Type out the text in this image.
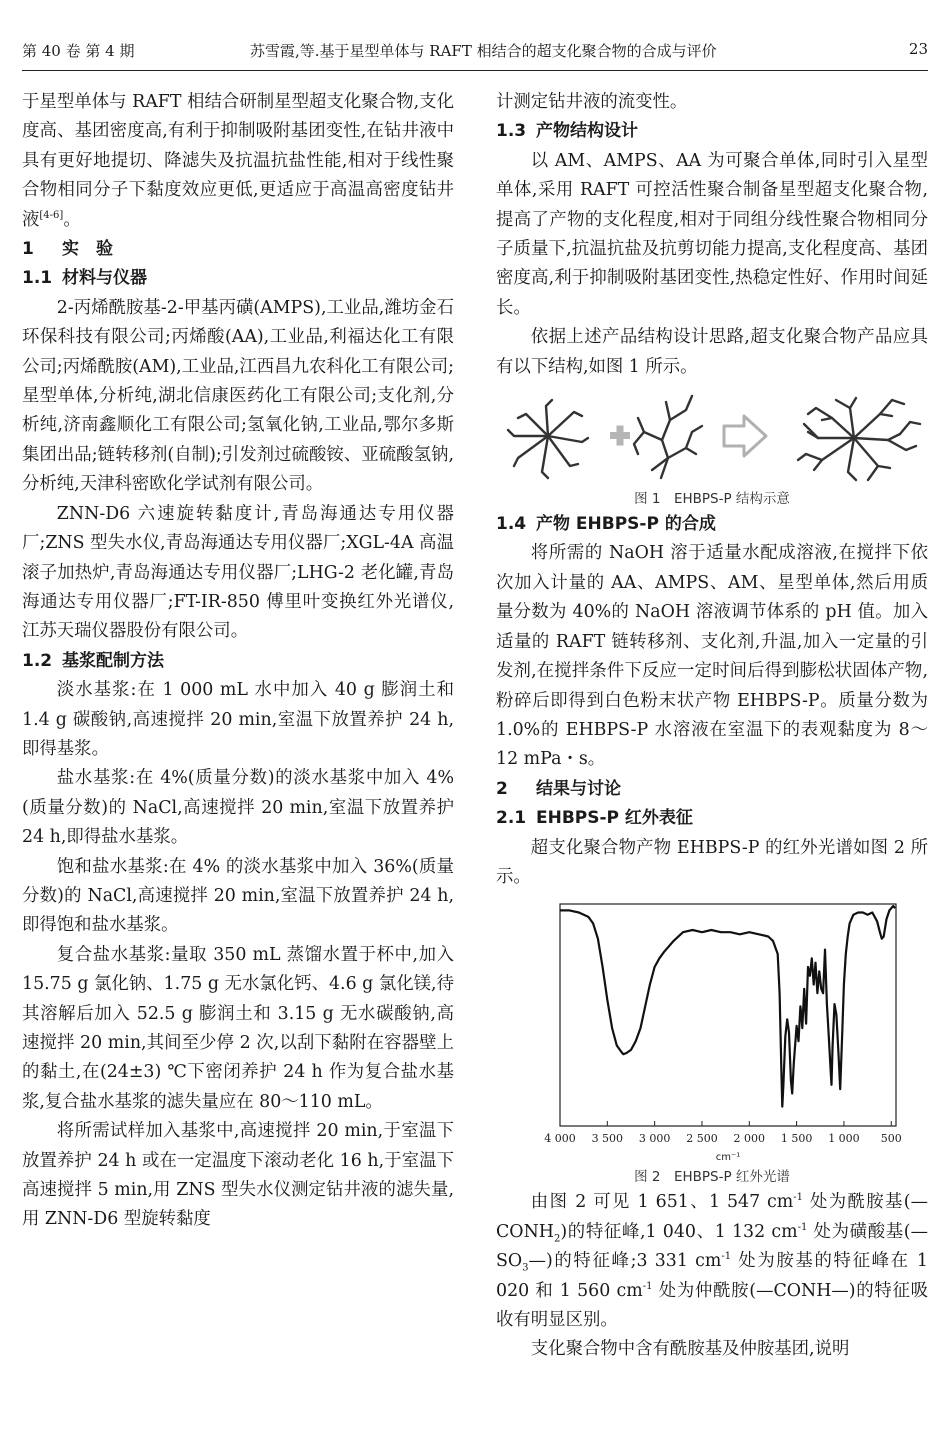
第 40 卷 第 4 期	苏雪霞,等.基于星型单体与 RAFT 相结合的超支化聚合物的合成与评价	23

于星型单体与 RAFT 相结合研制星型超支化聚合物,支化度高、基团密度高,有利于抑制吸附基团变性,在钻井液中具有更好地提切、降滤失及抗温抗盐性能,相对于线性聚合物相同分子下黏度效应更低,更适应于高温高密度钻井液[4-6]。

1 实　验
1.1 材料与仪器

2-丙烯酰胺基-2-甲基丙磺(AMPS),工业品,潍坊金石环保科技有限公司;丙烯酸(AA),工业品,利福达化工有限公司;丙烯酰胺(AM),工业品,江西昌九农科化工有限公司;星型单体,分析纯,湖北信康医药化工有限公司;支化剂,分析纯,济南鑫顺化工有限公司;氢氧化钠,工业品,鄂尔多斯集团出品;链转移剂(自制);引发剂过硫酸铵、亚硫酸氢钠,分析纯,天津科密欧化学试剂有限公司。

ZNN-D6 六速旋转黏度计,青岛海通达专用仪器厂;ZNS 型失水仪,青岛海通达专用仪器厂;XGL-4A 高温滚子加热炉,青岛海通达专用仪器厂;LHG-2 老化罐,青岛海通达专用仪器厂;FT-IR-850 傅里叶变换红外光谱仪,江苏天瑞仪器股份有限公司。

1.2 基浆配制方法

淡水基浆:在 1 000 mL 水中加入 40 g 膨润土和 1.4 g 碳酸钠,高速搅拌 20 min,室温下放置养护 24 h,即得基浆。

盐水基浆:在 4%(质量分数)的淡水基浆中加入 4%(质量分数)的 NaCl,高速搅拌 20 min,室温下放置养护 24 h,即得盐水基浆。

饱和盐水基浆:在 4% 的淡水基浆中加入 36%(质量分数)的 NaCl,高速搅拌 20 min,室温下放置养护 24 h,即得饱和盐水基浆。

复合盐水基浆:量取 350 mL 蒸馏水置于杯中,加入 15.75 g 氯化钠、1.75 g 无水氯化钙、4.6 g 氯化镁,待其溶解后加入 52.5 g 膨润土和 3.15 g 无水碳酸钠,高速搅拌 20 min,其间至少停 2 次,以刮下黏附在容器壁上的黏土,在(24±3) ℃下密闭养护 24 h 作为复合盐水基浆,复合盐水基浆的滤失量应在 80～110 mL。

将所需试样加入基浆中,高速搅拌 20 min,于室温下放置养护 24 h 或在一定温度下滚动老化 16 h,于室温下高速搅拌 5 min,用 ZNS 型失水仪测定钻井液的滤失量,用 ZNN-D6 型旋转黏度

计测定钻井液的流变性。

1.3 产物结构设计

以 AM、AMPS、AA 为可聚合单体,同时引入星型单体,采用 RAFT 可控活性聚合制备星型超支化聚合物,提高了产物的支化程度,相对于同组分线性聚合物相同分子质量下,抗温抗盐及抗剪切能力提高,支化程度高、基团密度高,利于抑制吸附基团变性,热稳定性好、作用时间延长。

依据上述产品结构设计思路,超支化聚合物产品应具有以下结构,如图 1 所示。

图 1　EHBPS-P 结构示意
1.4 产物 EHBPS-P 的合成

将所需的 NaOH 溶于适量水配成溶液,在搅拌下依次加入计量的 AA、AMPS、AM、星型单体,然后用质量分数为 40%的 NaOH 溶液调节体系的 pH 值。加入适量的 RAFT 链转移剂、支化剂,升温,加入一定量的引发剂,在搅拌条件下反应一定时间后得到膨松状固体产物,粉碎后即得到白色粉末状产物 EHBPS-P。质量分数为 1.0%的 EHBPS-P 水溶液在室温下的表观黏度为 8～12 mPa・s。

2 结果与讨论
2.1 EHBPS-P 红外表征

超支化聚合物产物 EHBPS-P 的红外光谱如图 2 所示。

4 000 3 500 3 000 2 500 2 000 1 500 1 000 500
cm⁻¹
图 2　EHBPS-P 红外光谱

由图 2 可见 1 651、1 547 $cm^{-1}$ 处为酰胺基$(—CONH_2)$的特征峰,1 040、1 132 $cm^{-1}$ 处为磺酸基$(—SO_3—)$的特征峰;3 331 $cm^{-1}$ 处为胺基的特征峰在 1 020 和 1 560 $cm^{-1}$ 处为仲酰胺(—CONH—)的特征吸收有明显区别。

支化聚合物中含有酰胺基及仲胺基团,说明
